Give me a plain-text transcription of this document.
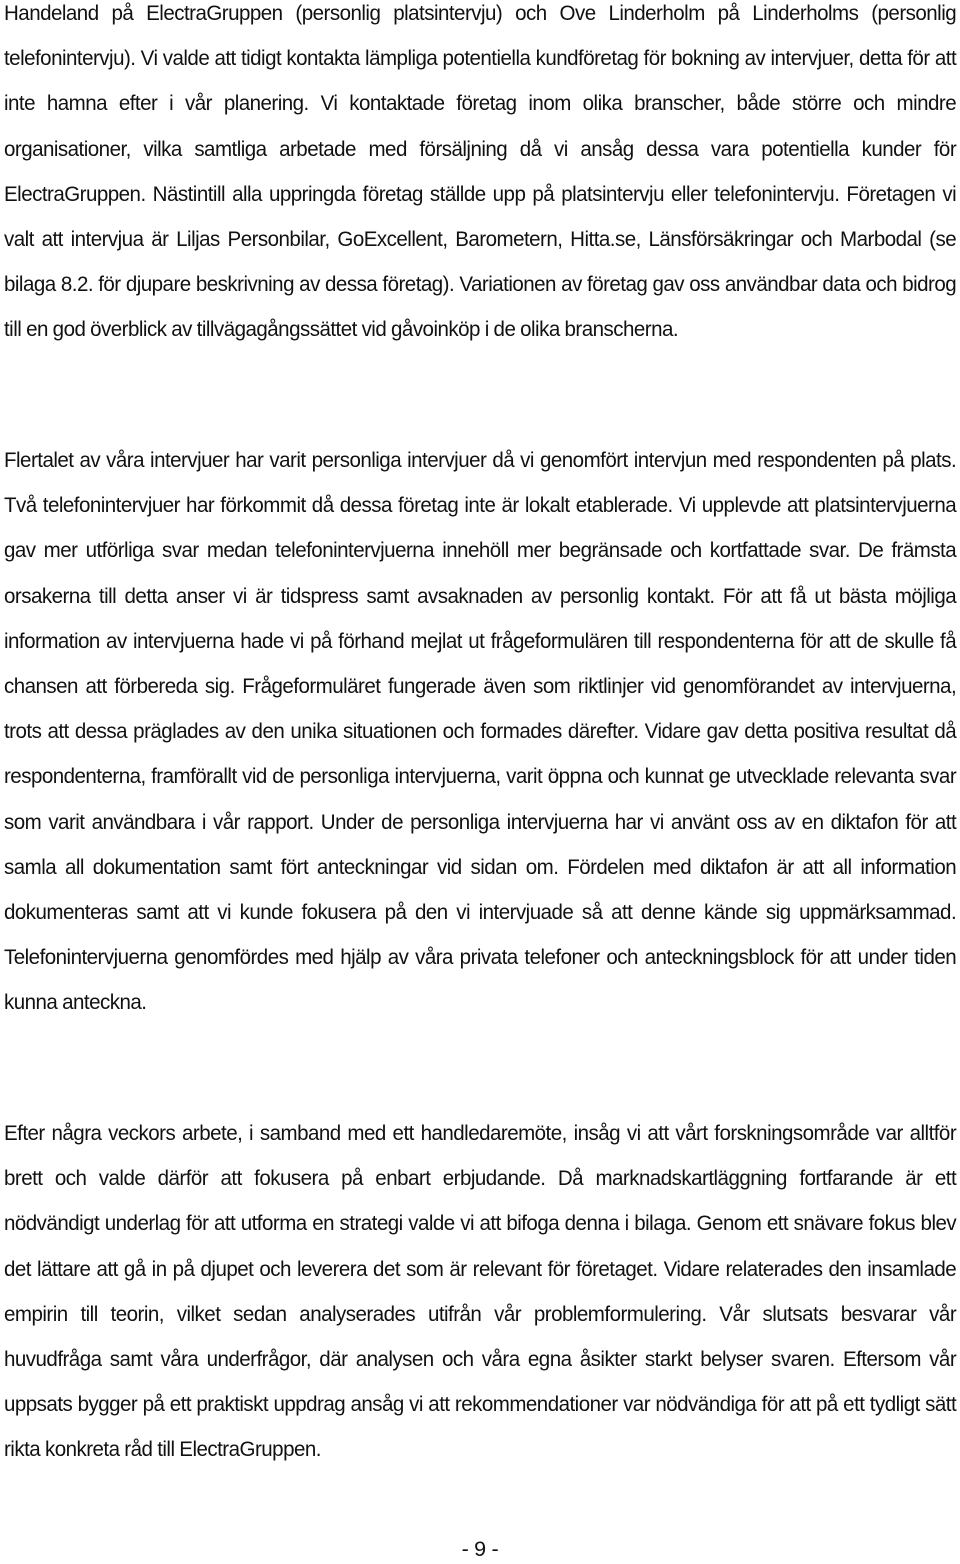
Handeland på ElectraGruppen (personlig platsintervju) och Ove Linderholm på Linderholms (personlig telefonintervju). Vi valde att tidigt kontakta lämpliga potentiella kundföretag för bokning av intervjuer, detta för att inte hamna efter i vår planering. Vi kontaktade företag inom olika branscher, både större och mindre organisationer, vilka samtliga arbetade med försäljning då vi ansåg dessa vara potentiella kunder för ElectraGruppen. Nästintill alla uppringda företag ställde upp på platsintervju eller telefonintervju. Företagen vi valt att intervjua är Liljas Personbilar, GoExcellent, Barometern, Hitta.se, Länsförsäkringar och Marbodal (se bilaga 8.2. för djupare beskrivning av dessa företag). Variationen av företag gav oss användbar data och bidrog till en god överblick av tillvägagångssättet vid gåvoinköp i de olika branscherna.

Flertalet av våra intervjuer har varit personliga intervjuer då vi genomfört intervjun med respondenten på plats. Två telefonintervjuer har förkommit då dessa företag inte är lokalt etablerade. Vi upplevde att platsintervjuerna gav mer utförliga svar medan telefonintervjuerna innehöll mer begränsade och kortfattade svar. De främsta orsakerna till detta anser vi är tidspress samt avsaknaden av personlig kontakt. För att få ut bästa möjliga information av intervjuerna hade vi på förhand mejlat ut frågeformulären till respondenterna för att de skulle få chansen att förbereda sig. Frågeformuläret fungerade även som riktlinjer vid genomförandet av intervjuerna, trots att dessa präglades av den unika situationen och formades därefter. Vidare gav detta positiva resultat då respondenterna, framförallt vid de personliga intervjuerna, varit öppna och kunnat ge utvecklade relevanta svar som varit användbara i vår rapport. Under de personliga intervjuerna har vi använt oss av en diktafon för att samla all dokumentation samt fört anteckningar vid sidan om. Fördelen med diktafon är att all information dokumenteras samt att vi kunde fokusera på den vi intervjuade så att denne kände sig uppmärksammad. Telefonintervjuerna genomfördes med hjälp av våra privata telefoner och anteckningsblock för att under tiden kunna anteckna.

Efter några veckors arbete, i samband med ett handledaremöte, insåg vi att vårt forskningsområde var alltför brett och valde därför att fokusera på enbart erbjudande. Då marknadskartläggning fortfarande är ett nödvändigt underlag för att utforma en strategi valde vi att bifoga denna i bilaga. Genom ett snävare fokus blev det lättare att gå in på djupet och leverera det som är relevant för företaget. Vidare relaterades den insamlade empirin till teorin, vilket sedan analyserades utifrån vår problemformulering. Vår slutsats besvarar vår huvudfråga samt våra underfrågor, där analysen och våra egna åsikter starkt belyser svaren. Eftersom vår uppsats bygger på ett praktiskt uppdrag ansåg vi att rekommendationer var nödvändiga för att på ett tydligt sätt rikta konkreta råd till ElectraGruppen.

- 9 -
